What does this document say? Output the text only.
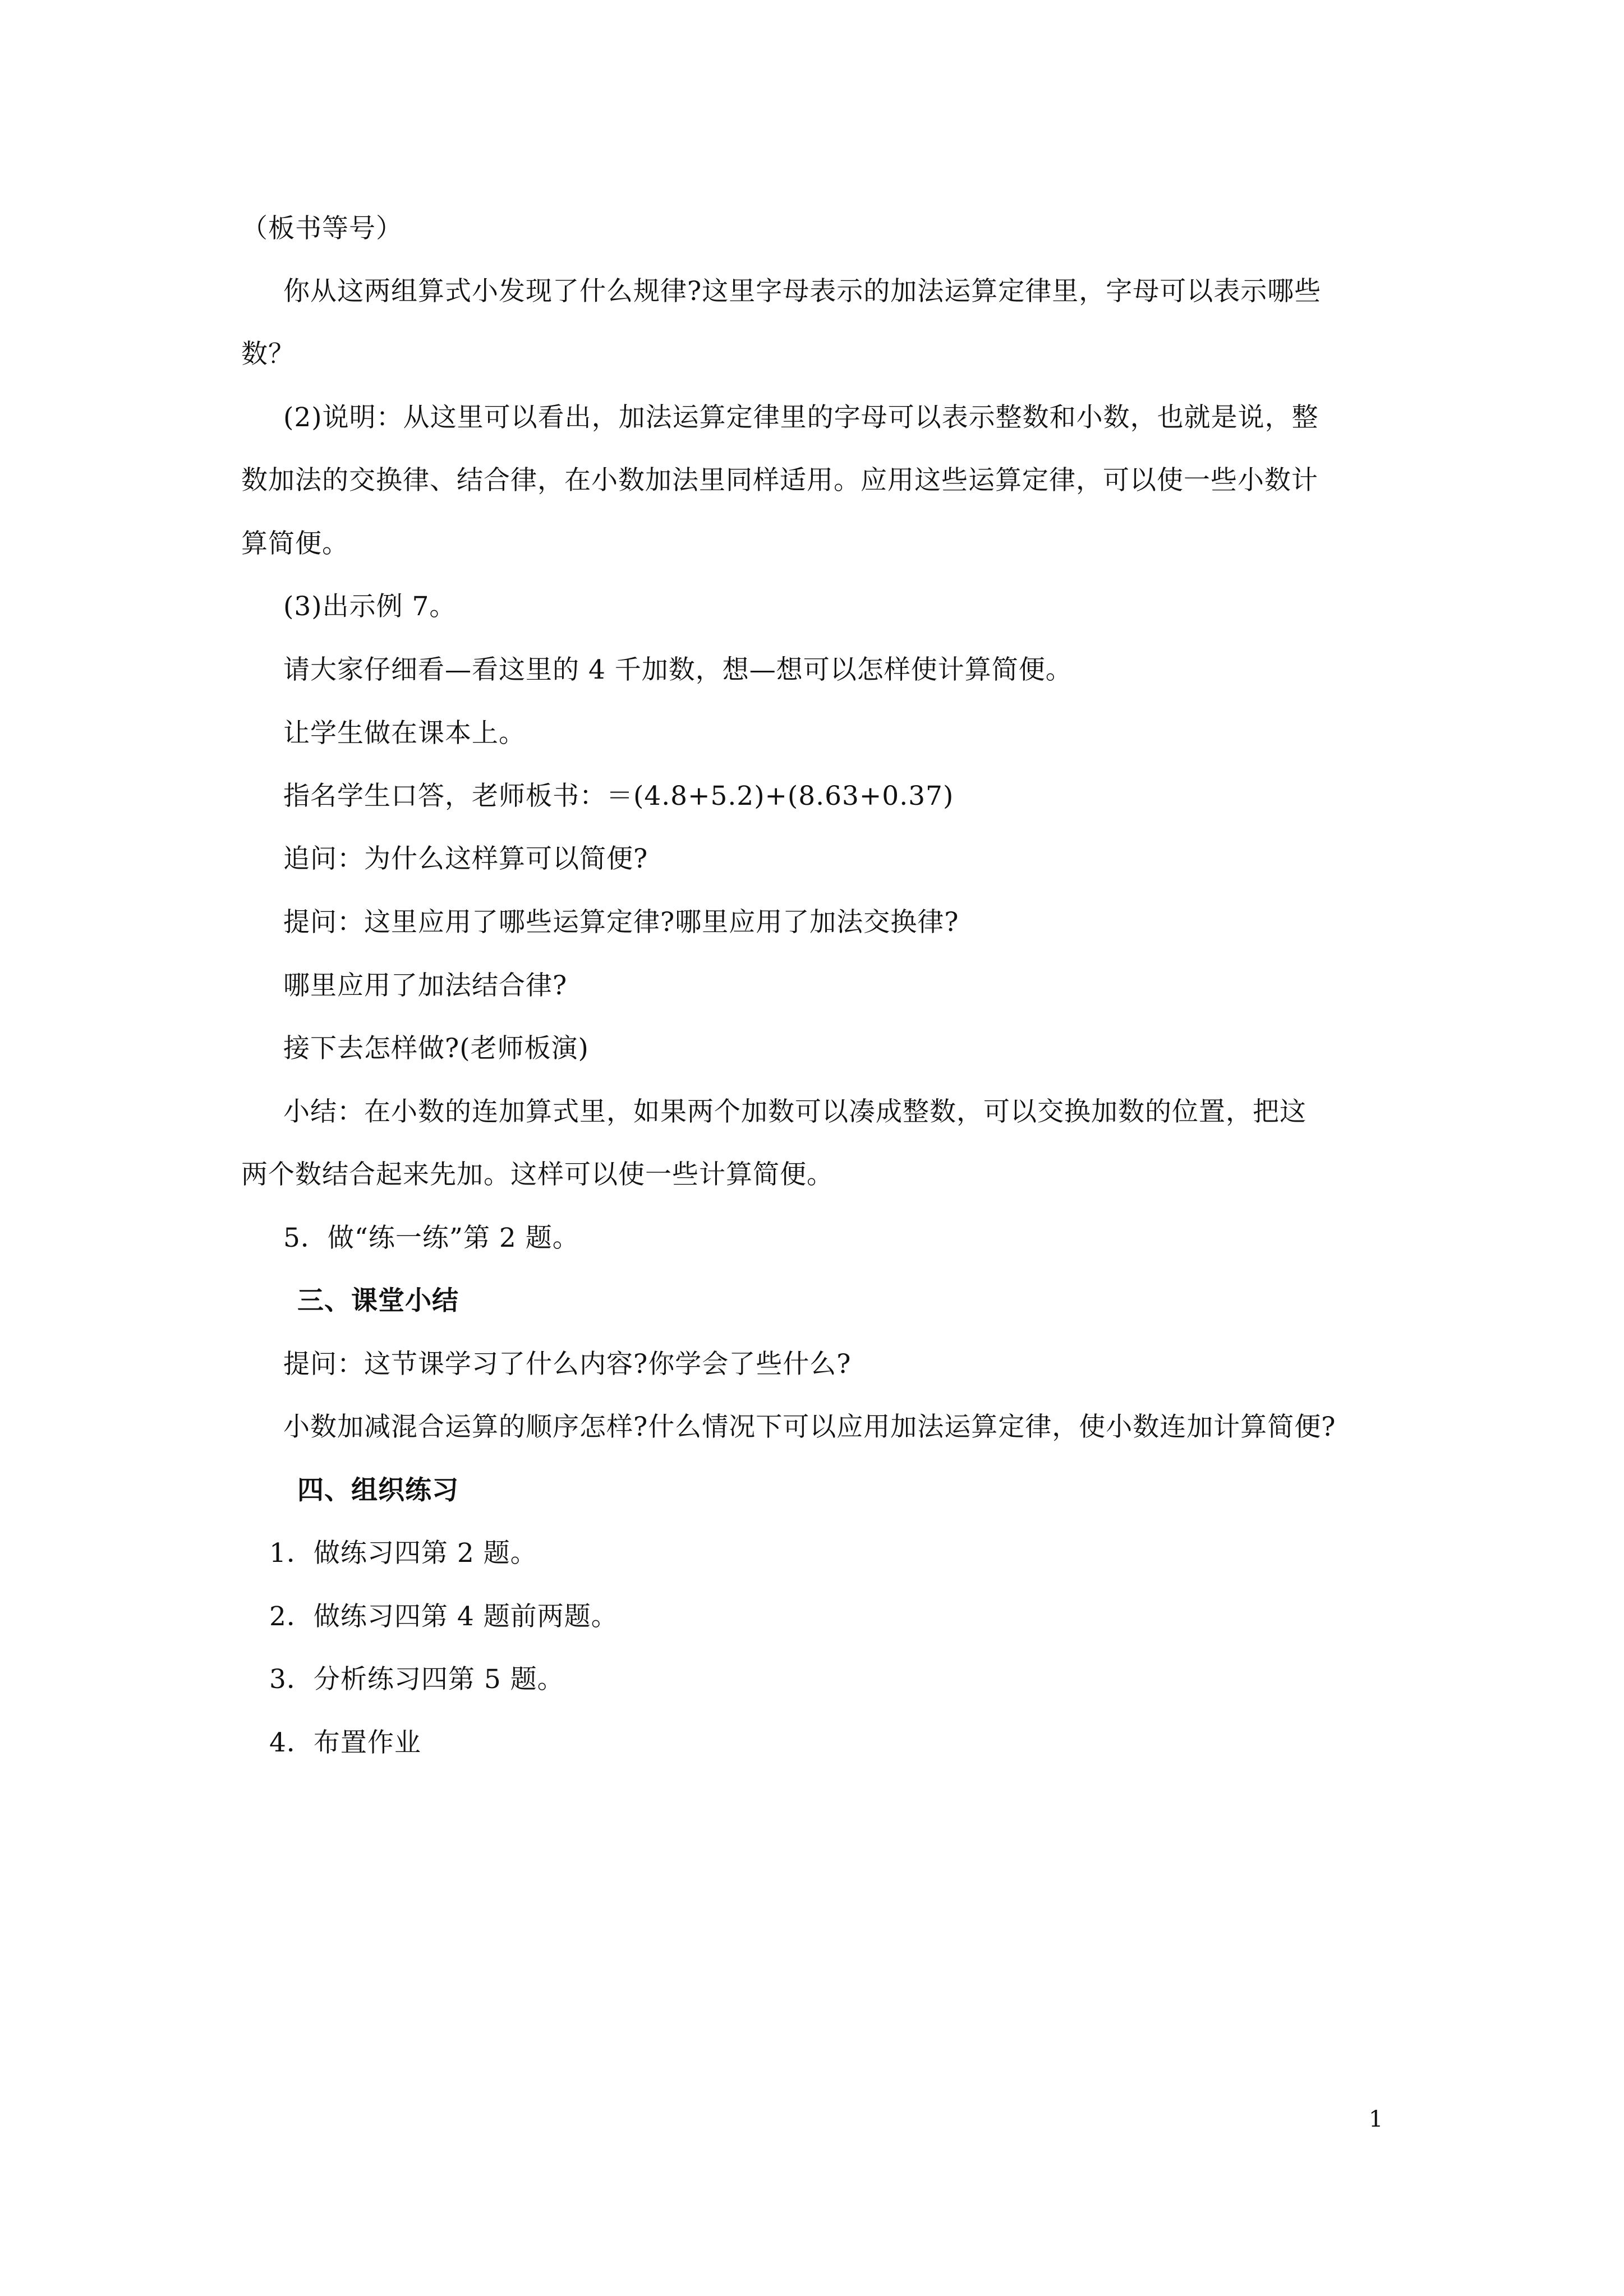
（板书等号）
你从这两组算式小发现了什么规律?这里字母表示的加法运算定律里，字母可以表示哪些
数？
(2)说明：从这里可以看出，加法运算定律里的字母可以表示整数和小数，也就是说，整
数加法的交换律、结合律，在小数加法里同样适用。应用这些运算定律，可以使一些小数计
算简便。
(3)出示例 7。
请大家仔细看—看这里的 4 千加数，想—想可以怎样使计算简便。
让学生做在课本上。
指名学生口答，老师板书：＝(4.8+5.2)+(8.63+0.37)
追问：为什么这样算可以简便?
提问：这里应用了哪些运算定律?哪里应用了加法交换律?
哪里应用了加法结合律?
接下去怎样做?(老师板演)
小结：在小数的连加算式里，如果两个加数可以凑成整数，可以交换加数的位置，把这
两个数结合起来先加。这样可以使一些计算简便。
5．做“练一练”第 2 题。
三、课堂小结
提问：这节课学习了什么内容?你学会了些什么?
小数加减混合运算的顺序怎样?什么情况下可以应用加法运算定律，使小数连加计算简便?
四、组织练习
1．做练习四第 2 题。
2．做练习四第 4 题前两题。
3．分析练习四第 5 题。
4．布置作业
1
